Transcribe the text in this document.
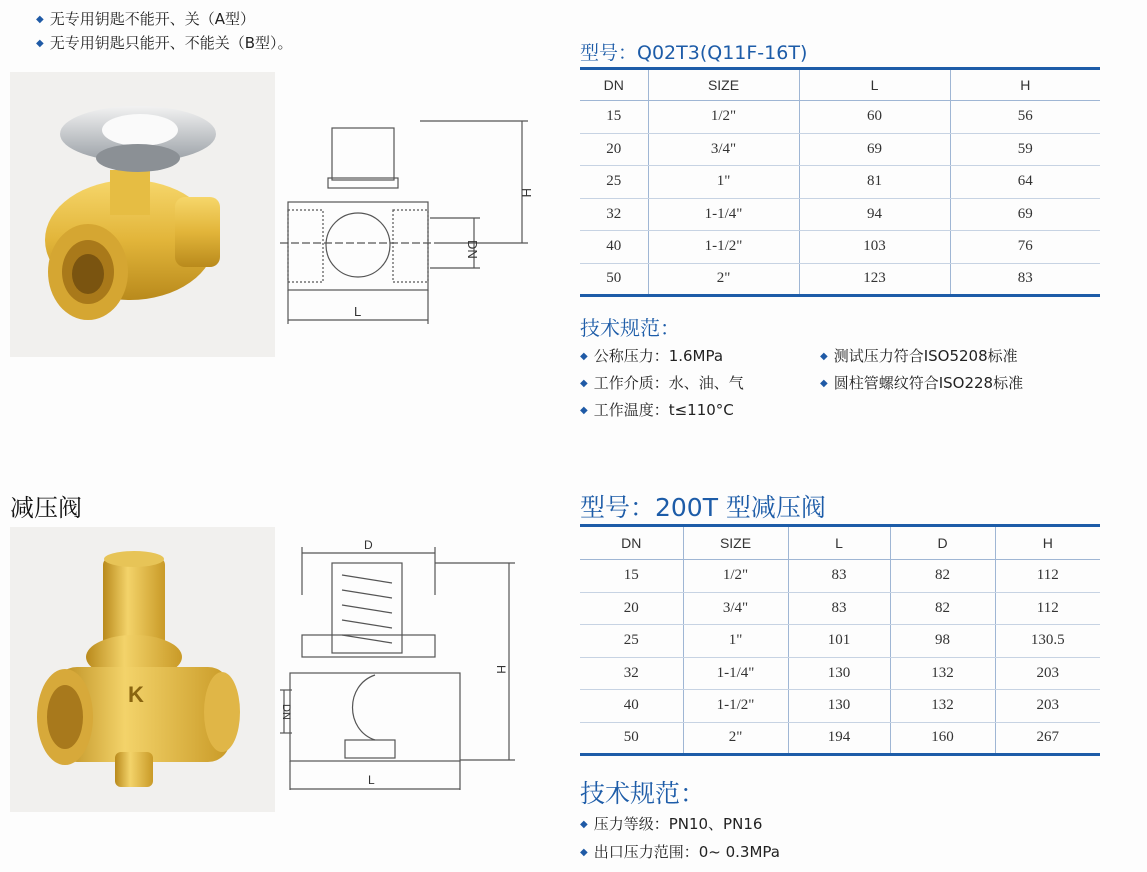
◆ 无专用钥匙不能开、关（A型）
◆ 无专用钥匙只能开、不能关（B型）。
H
DN
L
型号：Q02T3(Q11F-16T)
DN	SIZE	L	H
15	1/2"	60	56
20	3/4"	69	59
25	1"	81	64
32	1-1/4"	94	69
40	1-1/2"	103	76
50	2"	123	83
技术规范：
◆ 公称压力：1.6MPa
◆ 工作介质：水、油、气
◆ 工作温度：t≤110°C
◆ 测试压力符合ISO5208标准
◆ 圆柱管螺纹符合ISO228标准
减压阀
K
D
H
DN
L
型号：200T 型减压阀
DN	SIZE	L	D	H
15	1/2"	83	82	112
20	3/4"	83	82	112
25	1"	101	98	130.5
32	1-1/4"	130	132	203
40	1-1/2"	130	132	203
50	2"	194	160	267
技术规范：
◆ 压力等级：PN10、PN16
◆ 出口压力范围：0~ 0.3MPa
